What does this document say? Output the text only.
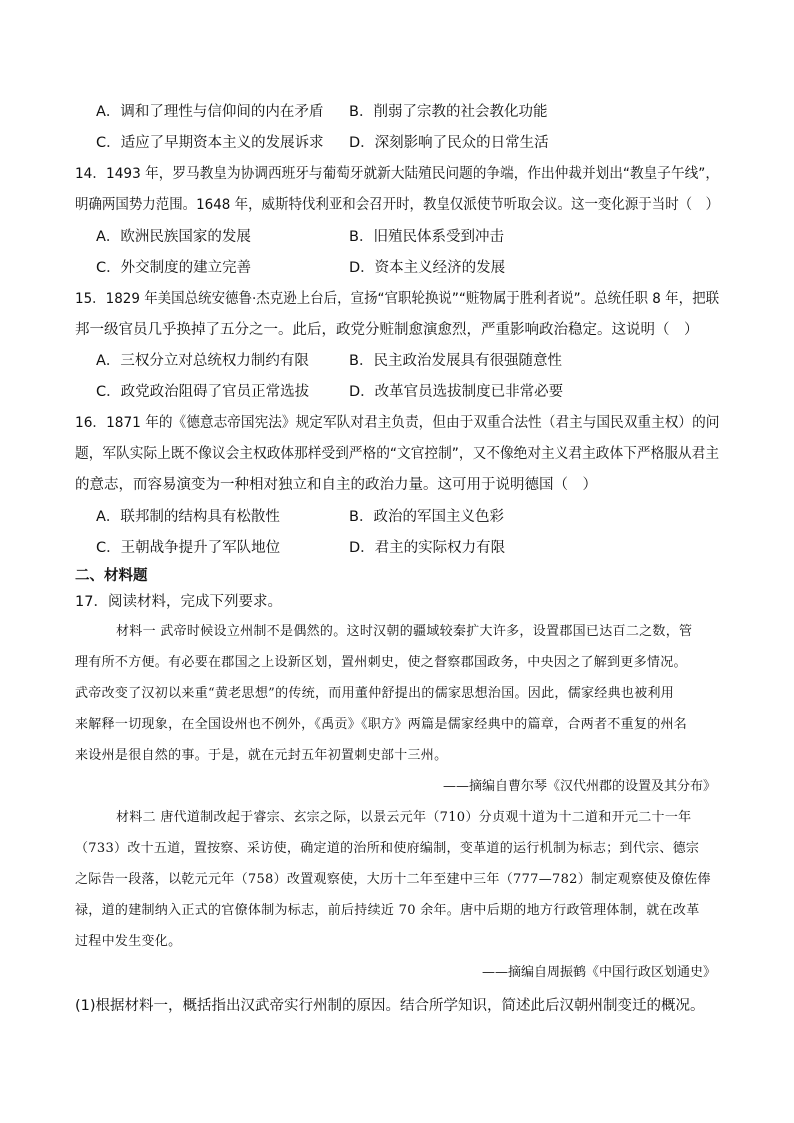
A．调和了理性与信仰间的内在矛盾 B．削弱了宗教的社会教化功能
C．适应了早期资本主义的发展诉求 D．深刻影响了民众的日常生活
14．1493 年，罗马教皇为协调西班牙与葡萄牙就新大陆殖民问题的争端，作出仲裁并划出“教皇子午线”，
明确两国势力范围。1648 年，威斯特伐利亚和会召开时，教皇仅派使节听取会议。这一变化源于当时（　）
A．欧洲民族国家的发展	B．旧殖民体系受到冲击
C．外交制度的建立完善	D．资本主义经济的发展
15．1829 年美国总统安德鲁·杰克逊上台后，宣扬“官职轮换说”“赃物属于胜利者说”。总统任职 8 年，把联
邦一级官员几乎换掉了五分之一。此后，政党分赃制愈演愈烈，严重影响政治稳定。这说明（　）
A．三权分立对总统权力制约有限	B．民主政治发展具有很强随意性
C．政党政治阻碍了官员正常选拔	D．改革官员选拔制度已非常必要
16．1871 年的《德意志帝国宪法》规定军队对君主负责，但由于双重合法性（君主与国民双重主权）的问
题，军队实际上既不像议会主权政体那样受到严格的“文官控制”，又不像绝对主义君主政体下严格服从君主
的意志，而容易演变为一种相对独立和自主的政治力量。这可用于说明德国（　）
A．联邦制的结构具有松散性	B．政治的军国主义色彩
C．王朝战争提升了军队地位	D．君主的实际权力有限
二、材料题
17．阅读材料，完成下列要求。
材料一 武帝时候设立州制不是偶然的。这时汉朝的疆域较秦扩大许多，设置郡国已达百二之数，管
理有所不方便。有必要在郡国之上设新区划，置州刺史，使之督察郡国政务，中央因之了解到更多情况。
武帝改变了汉初以来重“黄老思想”的传统，而用董仲舒提出的儒家思想治国。因此，儒家经典也被利用
来解释一切现象，在全国设州也不例外，《禹贡》《职方》两篇是儒家经典中的篇章，合两者不重复的州名
来设州是很自然的事。于是，就在元封五年初置刺史部十三州。
——摘编自曹尔琴《汉代州郡的设置及其分布》
材料二 唐代道制改起于睿宗、玄宗之际，以景云元年（710）分贞观十道为十二道和开元二十一年
（733）改十五道，置按察、采访使，确定道的治所和使府编制，变革道的运行机制为标志；到代宗、德宗
之际告一段落，以乾元元年（758）改置观察使，大历十二年至建中三年（777—782）制定观察使及僚佐俸
禄，道的建制纳入正式的官僚体制为标志，前后持续近 70 余年。唐中后期的地方行政管理体制，就在改革
过程中发生变化。
——摘编自周振鹤《中国行政区划通史》
(1)根据材料一，概括指出汉武帝实行州制的原因。结合所学知识，简述此后汉朝州制变迁的概况。
